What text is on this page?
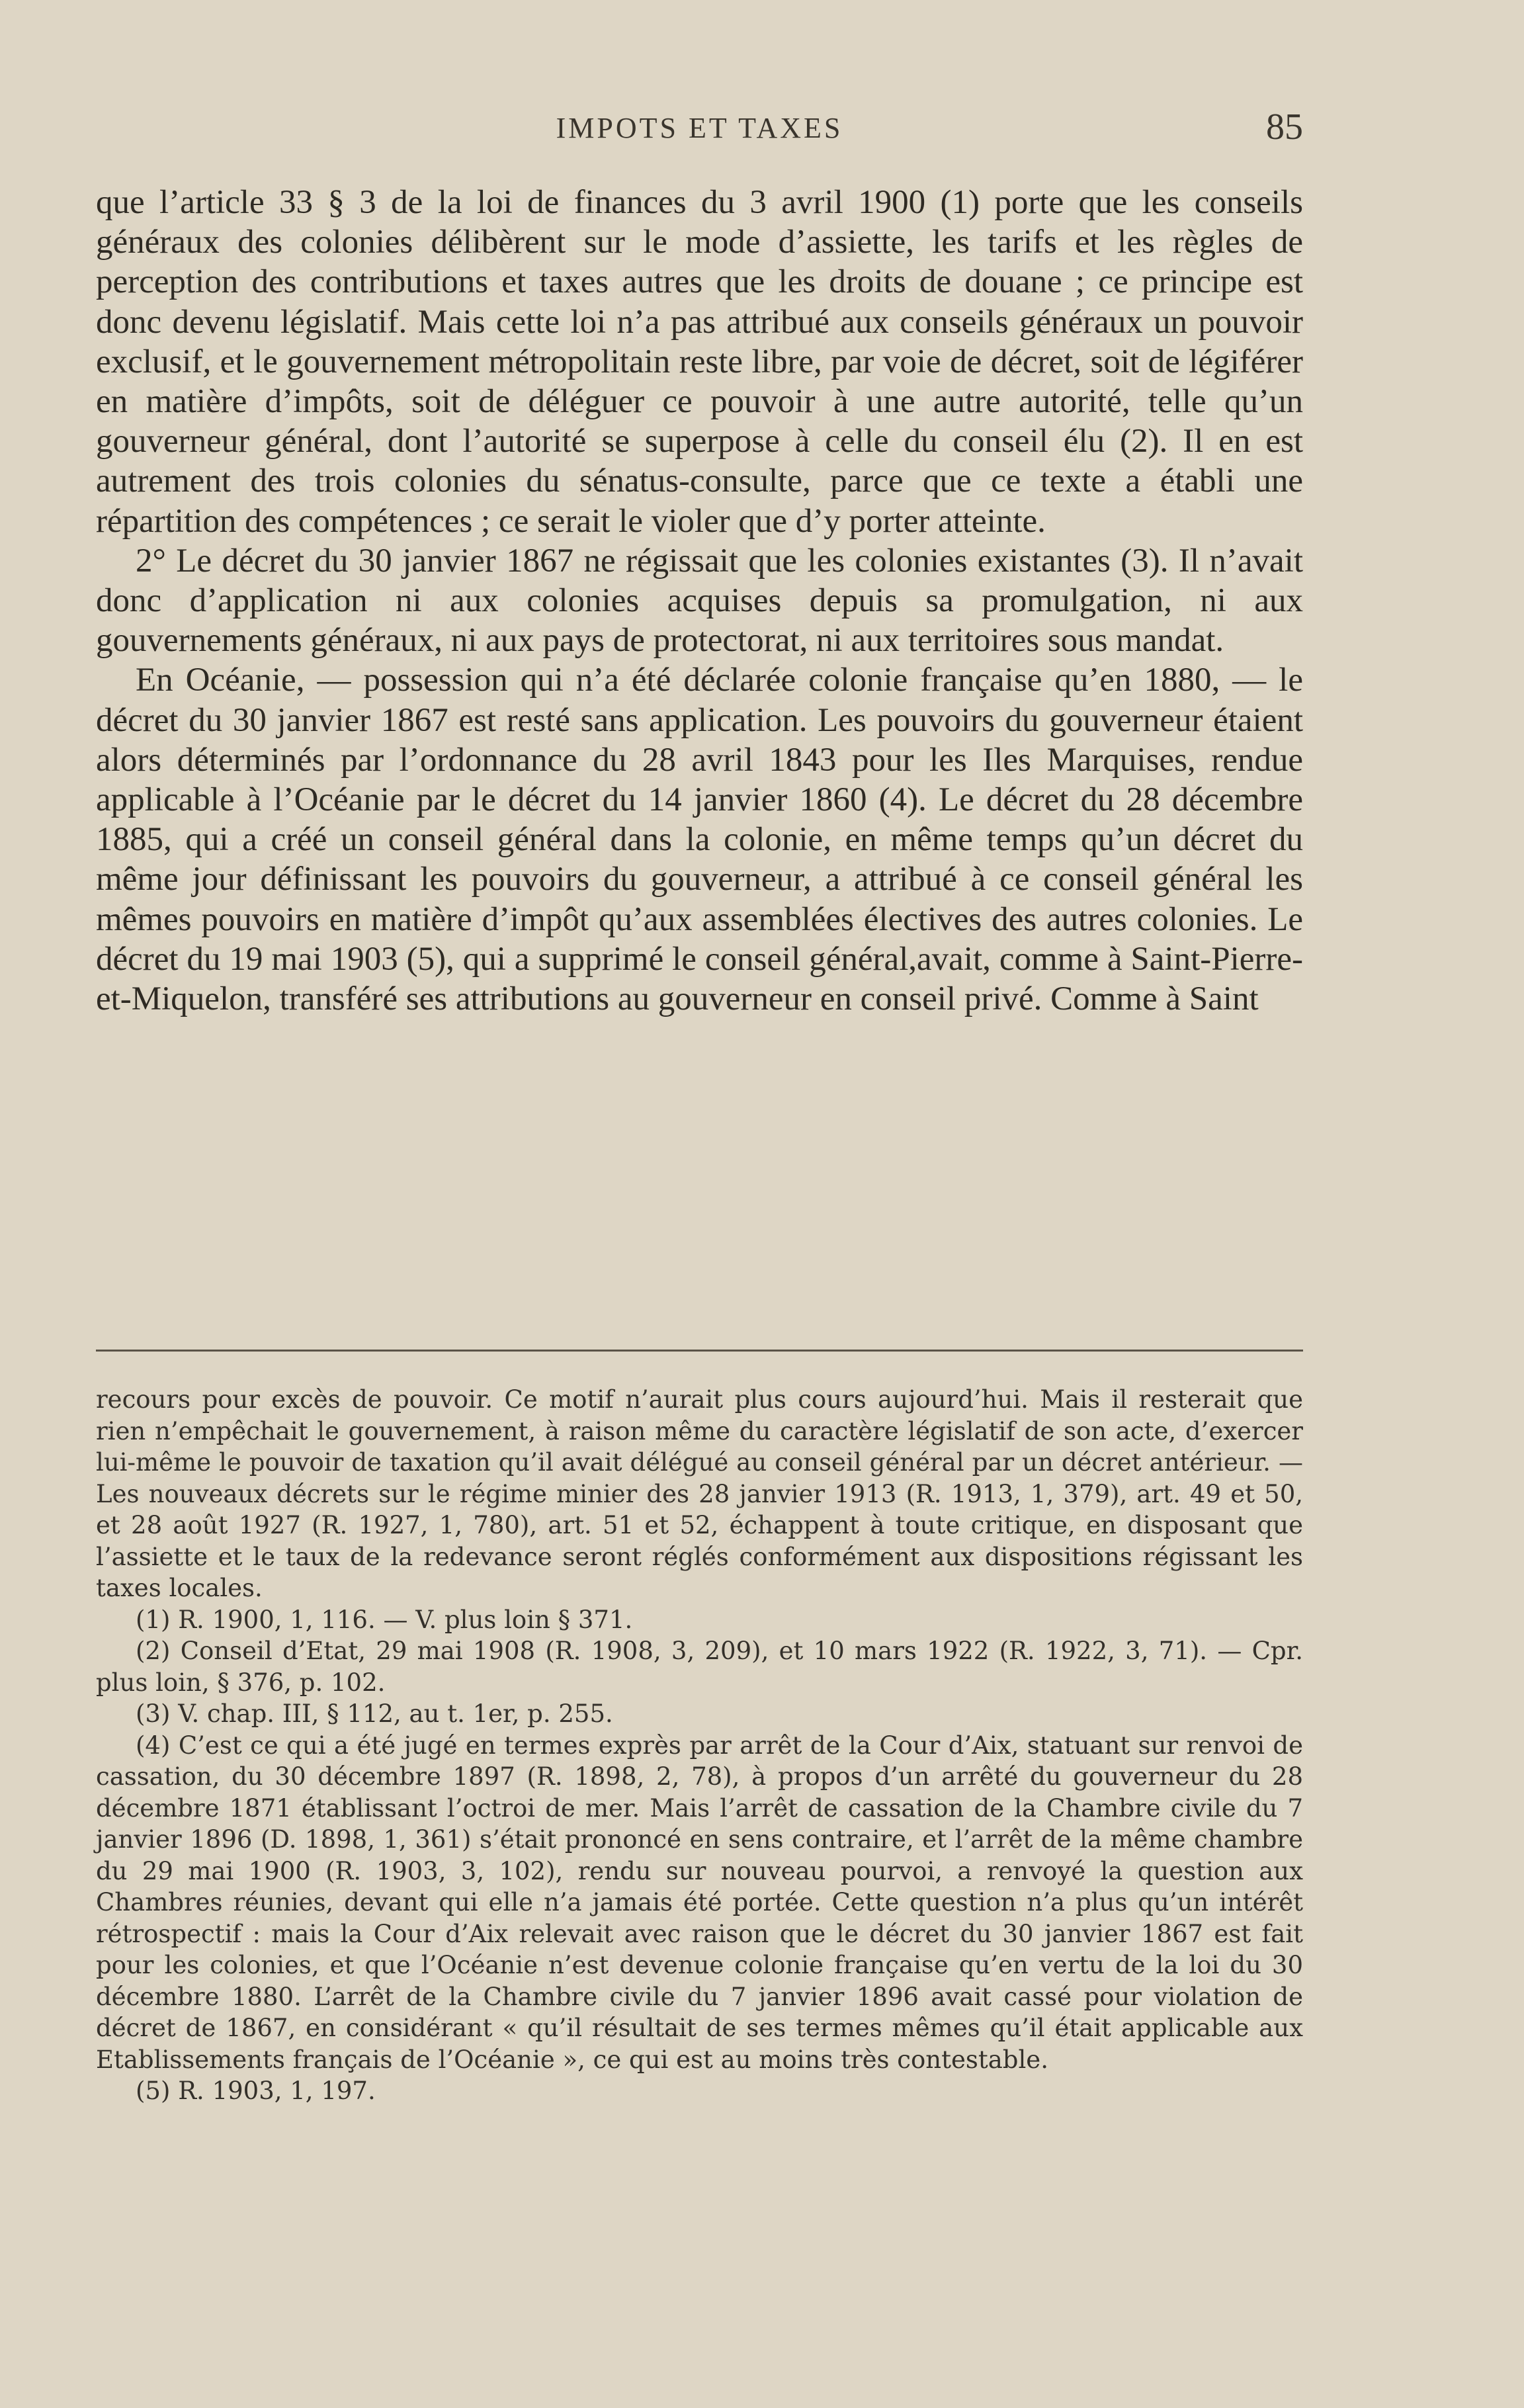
IMPOTS ET TAXES	85

que l’article 33 § 3 de la loi de finances du 3 avril 1900 (1) porte que les conseils généraux des colonies délibèrent sur le mode d’assiette, les tarifs et les règles de perception des contributions et taxes autres que les droits de douane ; ce principe est donc devenu législatif. Mais cette loi n’a pas attribué aux conseils généraux un pouvoir exclusif, et le gouvernement métropolitain reste libre, par voie de décret, soit de légiférer en matière d’impôts, soit de déléguer ce pouvoir à une autre autorité, telle qu’un gouverneur général, dont l’autorité se superpose à celle du conseil élu (2). Il en est autrement des trois colonies du sénatus-consulte, parce que ce texte a établi une répartition des compétences ; ce serait le violer que d’y porter atteinte.

2° Le décret du 30 janvier 1867 ne régissait que les colonies existantes (3). Il n’avait donc d’application ni aux colonies acquises depuis sa promulgation, ni aux gouvernements généraux, ni aux pays de protectorat, ni aux territoires sous mandat.

En Océanie, — possession qui n’a été déclarée colonie française qu’en 1880, — le décret du 30 janvier 1867 est resté sans application. Les pouvoirs du gouverneur étaient alors déterminés par l’ordonnance du 28 avril 1843 pour les Iles Marquises, rendue applicable à l’Océanie par le décret du 14 janvier 1860 (4). Le décret du 28 décembre 1885, qui a créé un conseil général dans la colonie, en même temps qu’un décret du même jour définissant les pouvoirs du gouverneur, a attribué à ce conseil général les mêmes pouvoirs en matière d’impôt qu’aux assemblées électives des autres colonies. Le décret du 19 mai 1903 (5), qui a supprimé le conseil général,avait, comme à Saint-Pierre-et-Miquelon, transféré ses attributions au gouverneur en conseil privé. Comme à Saint

recours pour excès de pouvoir. Ce motif n’aurait plus cours aujourd’hui. Mais il resterait que rien n’empêchait le gouvernement, à raison même du caractère législatif de son acte, d’exercer lui-même le pouvoir de taxation qu’il avait délégué au conseil général par un décret antérieur. — Les nouveaux décrets sur le régime minier des 28 janvier 1913 (R. 1913, 1, 379), art. 49 et 50, et 28 août 1927 (R. 1927, 1, 780), art. 51 et 52, échappent à toute critique, en disposant que l’assiette et le taux de la redevance seront réglés conformément aux dispositions régissant les taxes locales.

(1) R. 1900, 1, 116. — V. plus loin § 371.

(2) Conseil d’Etat, 29 mai 1908 (R. 1908, 3, 209), et 10 mars 1922 (R. 1922, 3, 71). — Cpr. plus loin, § 376, p. 102.

(3) V. chap. III, § 112, au t. 1er, p. 255.

(4) C’est ce qui a été jugé en termes exprès par arrêt de la Cour d’Aix, statuant sur renvoi de cassation, du 30 décembre 1897 (R. 1898, 2, 78), à propos d’un arrêté du gouverneur du 28 décembre 1871 établissant l’octroi de mer. Mais l’arrêt de cassation de la Chambre civile du 7 janvier 1896 (D. 1898, 1, 361) s’était prononcé en sens contraire, et l’arrêt de la même chambre du 29 mai 1900 (R. 1903, 3, 102), rendu sur nouveau pourvoi, a renvoyé la question aux Chambres réunies, devant qui elle n’a jamais été portée. Cette question n’a plus qu’un intérêt rétrospectif : mais la Cour d’Aix relevait avec raison que le décret du 30 janvier 1867 est fait pour les colonies, et que l’Océanie n’est devenue colonie française qu’en vertu de la loi du 30 décembre 1880. L’arrêt de la Chambre civile du 7 janvier 1896 avait cassé pour violation de décret de 1867, en considérant « qu’il résultait de ses termes mêmes qu’il était applicable aux Etablissements français de l’Océanie », ce qui est au moins très contestable.

(5) R. 1903, 1, 197.
